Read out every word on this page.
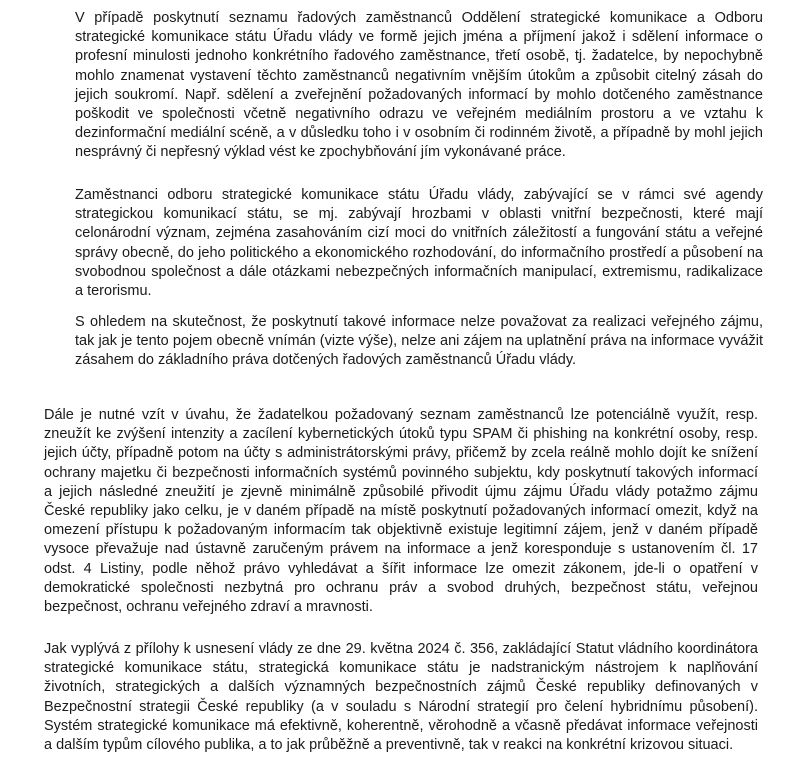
V případě poskytnutí seznamu řadových zaměstnanců Oddělení strategické komunikace a Odboru strategické komunikace státu Úřadu vlády ve formě jejich jména a příjmení jakož i sdělení informace o profesní minulosti jednoho konkrétního řadového zaměstnance, třetí osobě, tj. žadatelce, by nepochybně mohlo znamenat vystavení těchto zaměstnanců negativním vnějším útokům a způsobit citelný zásah do jejich soukromí. Např. sdělení a zveřejnění požadovaných informací by mohlo dotčeného zaměstnance poškodit ve společnosti včetně negativního odrazu ve veřejném mediálním prostoru a ve vztahu k dezinformační mediální scéně, a v důsledku toho i v osobním či rodinném životě, a případně by mohl jejich nesprávný či nepřesný výklad vést ke zpochybňování jím vykonávané práce.

Zaměstnanci odboru strategické komunikace státu Úřadu vlády, zabývající se v rámci své agendy strategickou komunikací státu, se mj. zabývají hrozbami v oblasti vnitřní bezpečnosti, které mají celonárodní význam, zejména zasahováním cizí moci do vnitřních záležitostí a fungování státu a veřejné správy obecně, do jeho politického a ekonomického rozhodování, do informačního prostředí a působení na svobodnou společnost a dále otázkami nebezpečných informačních manipulací, extremismu, radikalizace a terorismu.

S ohledem na skutečnost, že poskytnutí takové informace nelze považovat za realizaci veřejného zájmu, tak jak je tento pojem obecně vnímán (vizte výše), nelze ani zájem na uplatnění práva na informace vyvážit zásahem do základního práva dotčených řadových zaměstnanců Úřadu vlády.

Dále je nutné vzít v úvahu, že žadatelkou požadovaný seznam zaměstnanců lze potenciálně využít, resp. zneužít ke zvýšení intenzity a zacílení kybernetických útoků typu SPAM či phishing na konkrétní osoby, resp. jejich účty, případně potom na účty s administrátorskými právy, přičemž by zcela reálně mohlo dojít ke snížení ochrany majetku či bezpečnosti informačních systémů povinného subjektu, kdy poskytnutí takových informací a jejich následné zneužití je zjevně minimálně způsobilé přivodit újmu zájmu Úřadu vlády potažmo zájmu České republiky jako celku, je v daném případě na místě poskytnutí požadovaných informací omezit, když na omezení přístupu k požadovaným informacím tak objektivně existuje legitimní zájem, jenž v daném případě vysoce převažuje nad ústavně zaručeným právem na informace a jenž koresponduje s ustanovením čl. 17 odst. 4 Listiny, podle něhož právo vyhledávat a šířit informace lze omezit zákonem, jde-li o opatření v demokratické společnosti nezbytná pro ochranu práv a svobod druhých, bezpečnost státu, veřejnou bezpečnost, ochranu veřejného zdraví a mravnosti.

Jak vyplývá z přílohy k usnesení vlády ze dne 29. května 2024 č. 356, zakládající Statut vládního koordinátora strategické komunikace státu, strategická komunikace státu je nadstranickým nástrojem k naplňování životních, strategických a dalších významných bezpečnostních zájmů České republiky definovaných v Bezpečnostní strategii České republiky (a v souladu s Národní strategií pro čelení hybridnímu působení). Systém strategické komunikace má efektivně, koherentně, věrohodně a včasně předávat informace veřejnosti a dalším typům cílového publika, a to jak průběžně a preventivně, tak v reakci na konkrétní krizovou situaci.
